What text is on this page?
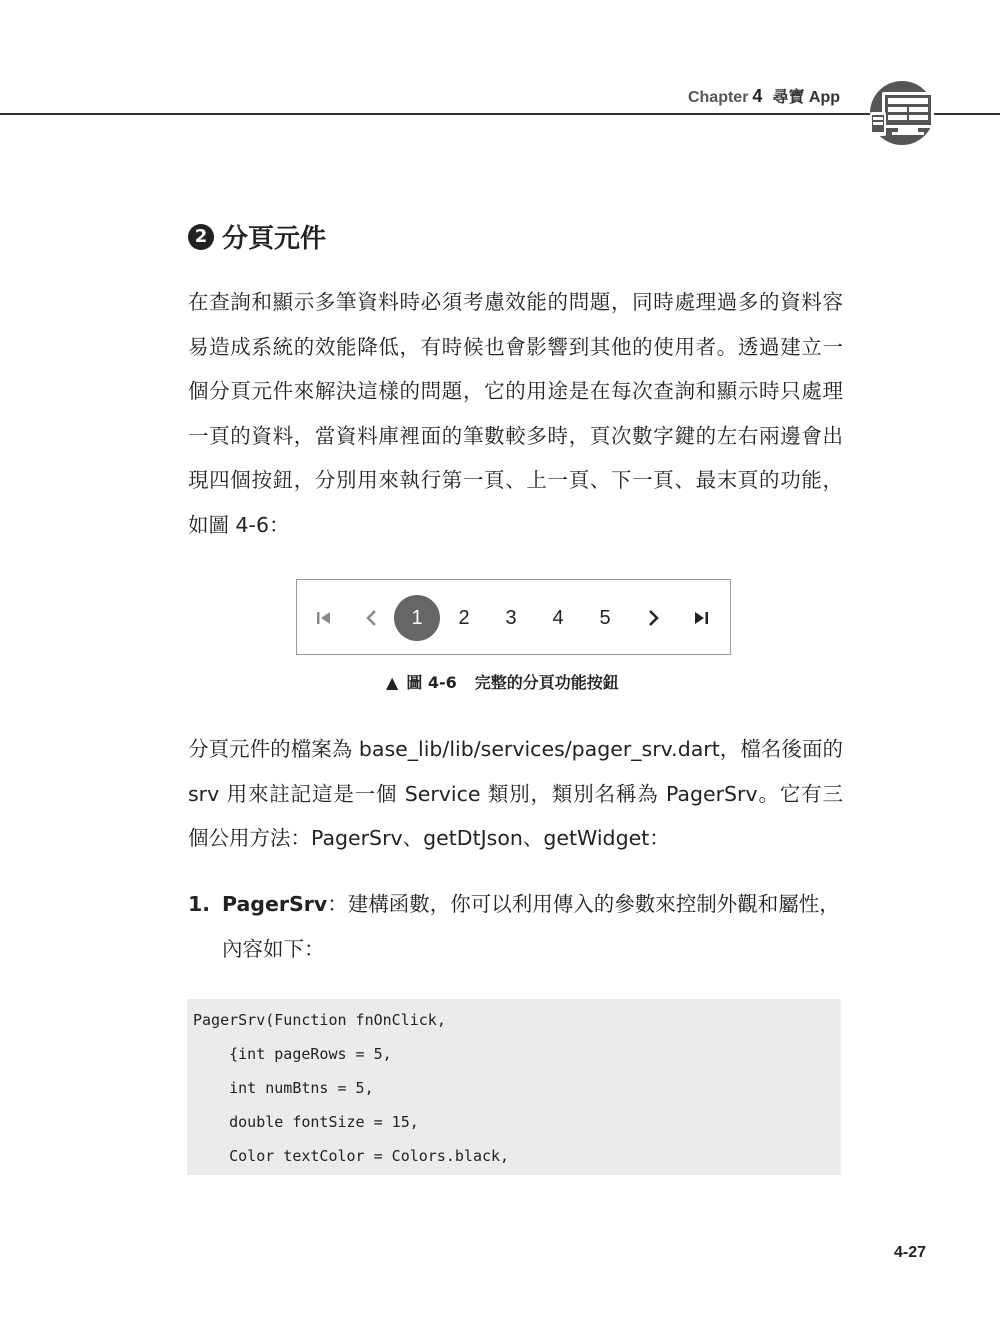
Chapter 4 尋寶 App
2 分頁元件
在查詢和顯示多筆資料時必須考慮效能的問題，同時處理過多的資料容易造成系統的效能降低，有時候也會影響到其他的使用者。透過建立一個分頁元件來解決這樣的問題，它的用途是在每次查詢和顯示時只處理一頁的資料，當資料庫裡面的筆數較多時，頁次數字鍵的左右兩邊會出現四個按鈕，分別用來執行第一頁、上一頁、下一頁、最末頁的功能，如圖 4-6：
1	2	3	4	5
▲ 圖 4-6 完整的分頁功能按鈕
分頁元件的檔案為 base_lib/lib/services/pager_srv.dart，檔名後面的 srv 用來註記這是一個 Service 類別，類別名稱為 PagerSrv。它有三個公用方法：PagerSrv、getDtJson、getWidget：
1. PagerSrv：建構函數，你可以利用傳入的參數來控制外觀和屬性，內容如下：
PagerSrv(Function fnOnClick,
{int pageRows = 5,
int numBtns = 5,
double fontSize = 15,
Color textColor = Colors.black,
4-27
